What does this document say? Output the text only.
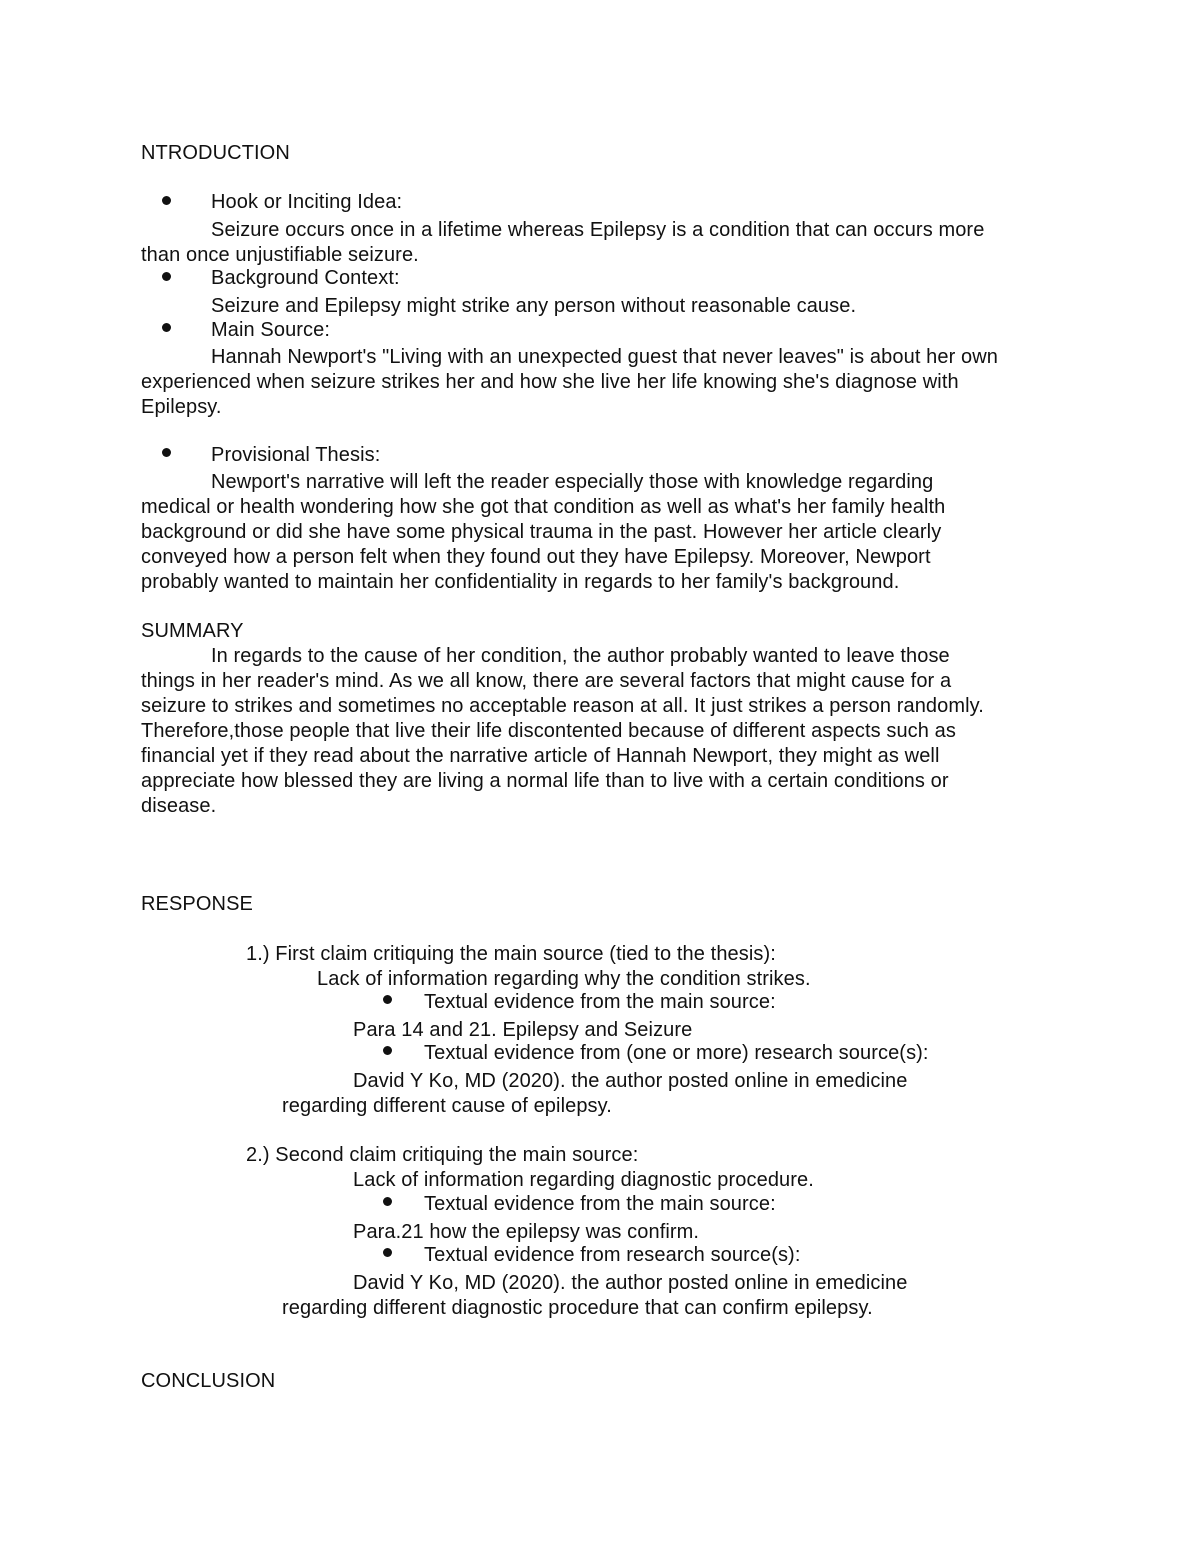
NTRODUCTION
Hook or Inciting Idea:
Seizure occurs once in a lifetime whereas Epilepsy is a condition that can occurs more
than once unjustifiable seizure.
Background Context:
Seizure and Epilepsy might strike any person without reasonable cause.
Main Source:
Hannah Newport's "Living with an unexpected guest that never leaves" is about her own
experienced when seizure strikes her and how she live her life knowing she's diagnose with
Epilepsy.
Provisional Thesis:
Newport's narrative will left the reader especially those with knowledge regarding
medical or health wondering how she got that condition as well as what's her family health
background or did she have some physical trauma in the past. However her article clearly
conveyed how a person felt when they found out they have Epilepsy. Moreover, Newport
probably wanted to maintain her confidentiality in regards to her family's background.
SUMMARY
In regards to the cause of her condition, the author probably wanted to leave those
things in her reader's mind. As we all know, there are several factors that might cause for a
seizure to strikes and sometimes no acceptable reason at all. It just strikes a person randomly.
Therefore,those people that live their life discontented because of different aspects such as
financial yet if they read about the narrative article of Hannah Newport, they might as well
appreciate how blessed they are living a normal life than to live with a certain conditions or
disease.
RESPONSE
1.) First claim critiquing the main source (tied to the thesis):
Lack of information regarding why the condition strikes.
Textual evidence from the main source:
Para 14 and 21. Epilepsy and Seizure
Textual evidence from (one or more) research source(s):
David Y Ko, MD (2020). the author posted online in emedicine
regarding different cause of epilepsy.
2.) Second claim critiquing the main source:
Lack of information regarding diagnostic procedure.
Textual evidence from the main source:
Para.21 how the epilepsy was confirm.
Textual evidence from research source(s):
David Y Ko, MD (2020). the author posted online in emedicine
regarding different diagnostic procedure that can confirm epilepsy.
CONCLUSION
